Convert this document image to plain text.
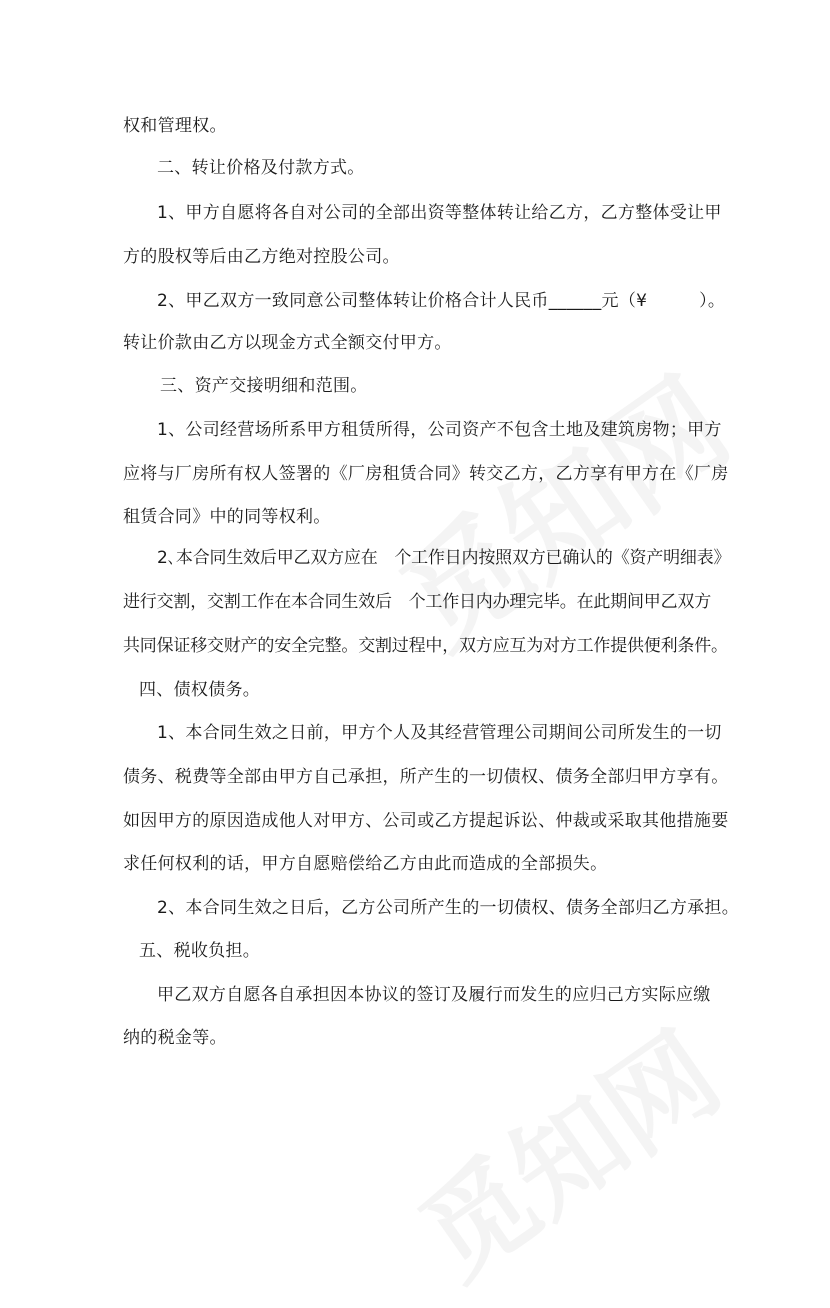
权和管理权。
二、转让价格及付款方式。
1、甲方自愿将各自对公司的全部出资等整体转让给乙方，乙方整体受让甲
方的股权等后由乙方绝对控股公司。
2、甲乙双方一致同意公司整体转让价格合计人民币______元（¥　　　）。
转让价款由乙方以现金方式全额交付甲方。
三、资产交接明细和范围。
1、公司经营场所系甲方租赁所得，公司资产不包含土地及建筑房物；甲方
应将与厂房所有权人签署的《厂房租赁合同》转交乙方，乙方享有甲方在《厂房
租赁合同》中的同等权利。
2､本合同生效后甲乙双方应在　个工作日内按照双方已确认的《资产明细表》
进行交割，交割工作在本合同生效后　个工作日内办理完毕。在此期间甲乙双方
共同保证移交财产的安全完整。交割过程中，双方应互为对方工作提供便利条件。
四、债权债务。
1、本合同生效之日前，甲方个人及其经营管理公司期间公司所发生的一切
债务、税费等全部由甲方自己承担，所产生的一切债权、债务全部归甲方享有。
如因甲方的原因造成他人对甲方、公司或乙方提起诉讼、仲裁或采取其他措施要
求任何权利的话，甲方自愿赔偿给乙方由此而造成的全部损失。
2、本合同生效之日后，乙方公司所产生的一切债权、债务全部归乙方承担。
五、税收负担。
甲乙双方自愿各自承担因本协议的签订及履行而发生的应归己方实际应缴
纳的税金等。
